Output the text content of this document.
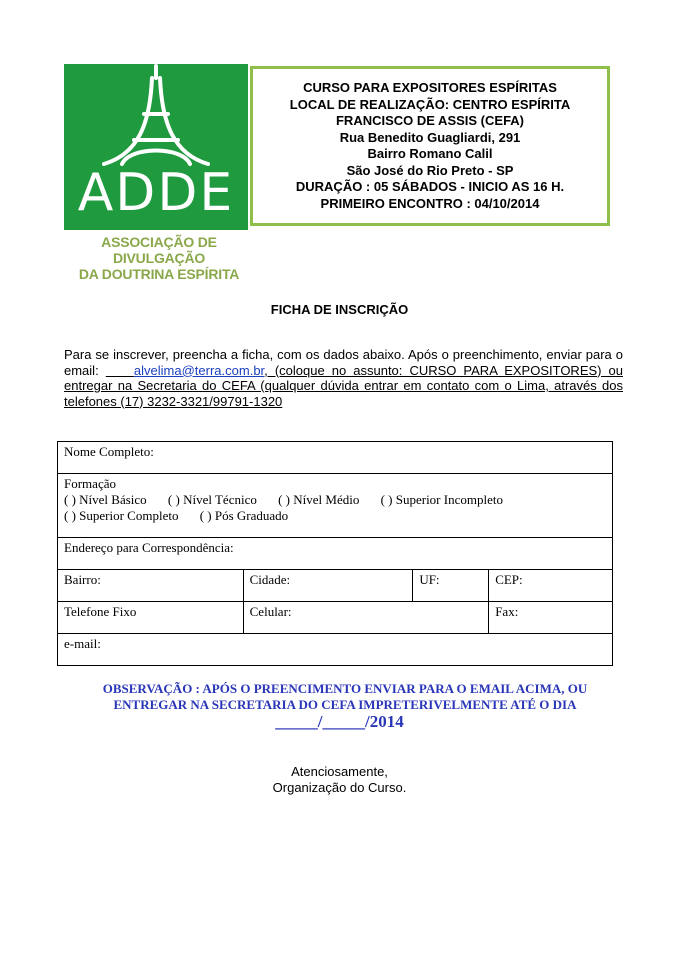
ADDE
ASSOCIAÇÃO DE DIVULGAÇÃO
DA DOUTRINA ESPÍRITA
CURSO PARA EXPOSITORES ESPÍRITAS
LOCAL DE REALIZAÇÃO: CENTRO ESPÍRITA
FRANCISCO DE ASSIS (CEFA)
Rua Benedito Guagliardi, 291
Bairro Romano Calil
São José do Rio Preto - SP
DURAÇÃO : 05 SÁBADOS - INICIO AS 16 H.
PRIMEIRO ENCONTRO : 04/10/2014
FICHA DE INSCRIÇÃO
Para se inscrever, preencha a ficha, com os dados abaixo. Após o preenchimento, enviar para o email:     alvelima@terra.com.br, (coloque no assunto: CURSO PARA EXPOSITORES) ou entregar na Secretaria do CEFA (qualquer dúvida entrar em contato com o Lima, através dos telefones (17) 3232-3321/99791-1320
Nome Completo:			

Formação
( ) Nível Básico ( ) Nível Técnico ( ) Nível Médio ( ) Superior Incompleto
( ) Superior Completo ( ) Pós Graduado			

Endereço para Correspondência:			
Bairro:	Cidade:	UF:	CEP:
Telefone Fixo	Celular:		Fax:
e-mail:			
OBSERVAÇÃO : APÓS O PREENCIMENTO ENVIAR PARA O EMAIL ACIMA, OU
ENTREGAR NA SECRETARIA DO CEFA IMPRETERIVELMENTE ATÉ O DIA
_____/_____/2014
Atenciosamente,
Organização do Curso.
